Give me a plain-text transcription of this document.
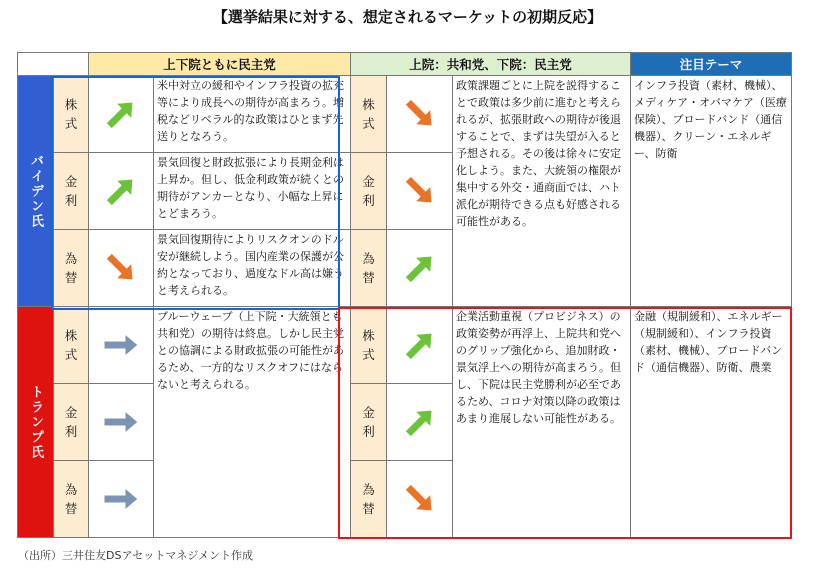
【選挙結果に対する、想定されるマーケットの初期反応】
上下院ともに民主党	上院：共和党、下院：民主党	注目テーマ
バイデン氏
トランプ氏
株式
金利
為替
米中対立の緩和やインフラ投資の拡充等により成長への期待が高まろう。増税などリベラル的な政策はひとまず先送りとなろう。
景気回復と財政拡張により長期金利は上昇か。但し、低金利政策が続くとの期待がアンカーとなり、小幅な上昇にとどまろう。
景気回復期待によりリスクオンのドル安が継続しよう。国内産業の保護が公約となっており、過度なドル高は嫌うと考えられる。
株式
金利
為替
政策課題ごとに上院を説得することで政策は多少前に進むと考えられるが、拡張財政への期待が後退することで、まずは失望が入ると予想される。その後は徐々に安定化しよう。また、大統領の権限が集中する外交・通商面では、ハト派化が期待できる点も好感される可能性がある。
インフラ投資（素材、機械）、メディケア・オバマケア（医療保険）、ブロードバンド（通信機器）、クリーン・エネルギー、防衛
株式
金利
為替
ブルーウェーブ（上下院・大統領とも共和党）の期待は終息。しかし民主党との協調による財政拡張の可能性があるため、一方的なリスクオフにはならないと考えられる。
株式
金利
為替
企業活動重視（プロビジネス）の政策姿勢が再浮上、上院共和党へのグリップ強化から、追加財政・景気浮上への期待が高まろう。但し、下院は民主党勝利が必至であるため、コロナ対策以降の政策はあまり進展しない可能性がある。
金融（規制緩和）、エネルギー（規制緩和）、インフラ投資（素材、機械）、ブロードバンド（通信機器）、防衛、農業
（出所）三井住友DSアセットマネジメント作成
